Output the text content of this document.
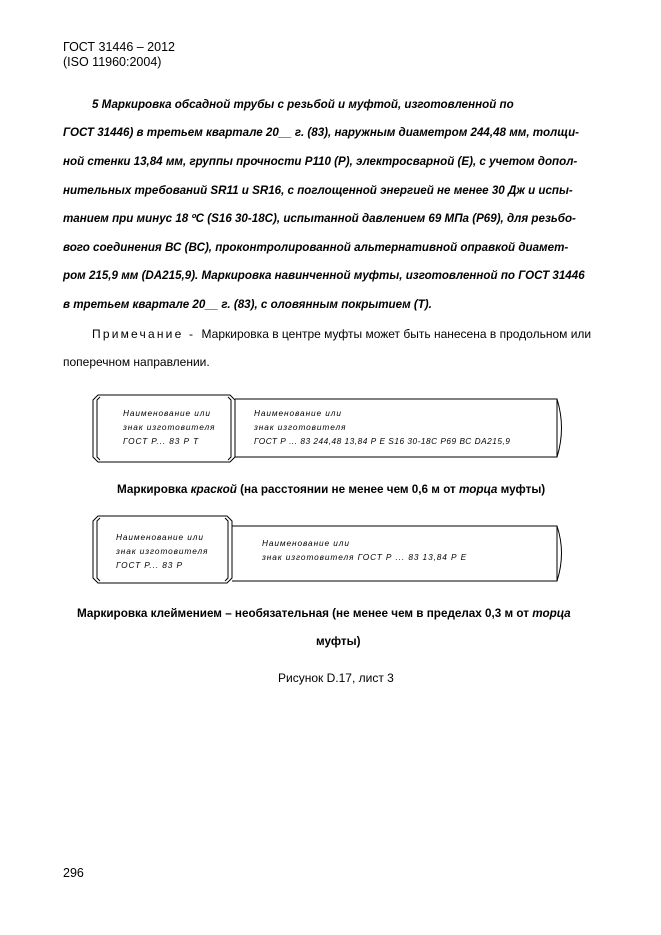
ГОСТ 31446 – 2012
(ISO 11960:2004)
5 Маркировка обсадной трубы с резьбой и муфтой, изготовленной по
ГОСТ 31446) в третьем квартале 20__ г. (83), наружным диаметром 244,48 мм, толщи-
ной стенки 13,84 мм, группы прочности Р110 (Р), электросварной (Е), с учетом допол-
нительных требований SR11 и SR16, с поглощенной энергией не менее 30 Дж и испы-
танием при минус 18 ºС (S16 30-18С), испытанной давлением 69 МПа (Р69), для резьбо-
вого соединения ВС (ВС), проконтролированной альтернативной оправкой диамет-
ром 215,9 мм (DA215,9). Маркировка навинченной муфты, изготовленной по ГОСТ 31446
в третьем квартале 20__ г. (83), с оловянным покрытием (Т).
Примечание - Маркировка в центре муфты может быть нанесена в продольном или
поперечном направлении.
Наименование или
знак изготовителя
ГОСТ Р... 83 Р Т
Наименование или
знак изготовителя
ГОСТ Р ... 83 244,48 13,84 Р Е S16 30-18С Р69 ВС DA215,9
Маркировка краской (на расстоянии не менее чем 0,6 м от торца муфты)
Наименование или
знак изготовителя
ГОСТ Р... 83 Р
Наименование или
знак изготовителя ГОСТ Р ... 83 13,84 Р Е
Маркировка клеймением – необязательная (не менее чем в пределах 0,3 м от торца
муфты)
Рисунок D.17, лист 3
296
